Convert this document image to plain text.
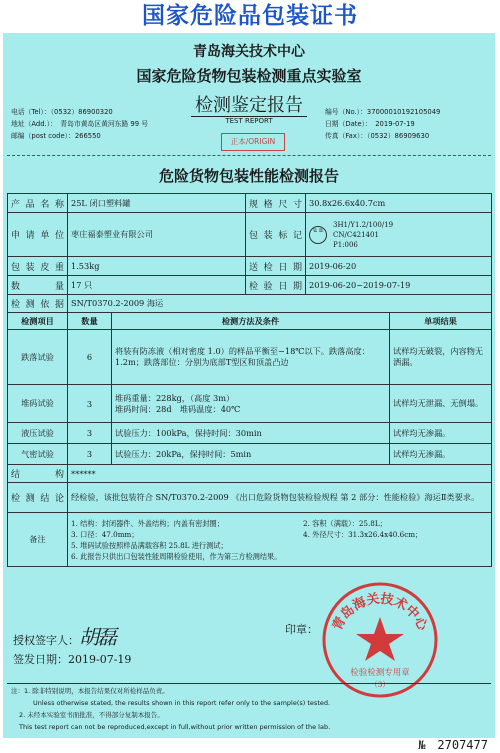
国家危险品包装证书
青岛海关技术中心
国家危险货物包装检测重点实验室
检测鉴定报告
TEST REPORT
正本/ORIGIN
电话（Tel）：（0532）86900320
地址（Add.）：　青岛市黄岛区黄河东路 99 号
邮编（post code）：266550
编号（No.）：37000010192105049
日期（Date）：　2019-07-19
传真（Fax）：（0532）86909630
危险货物包装性能检测报告
产品名称	25L 闭口塑料罐		规格尺寸	30.8x26.6x40.7cm	
申请单位	枣庄福泰塑业有限公司		包装标记	u n3H1/Y1.2/100/19
CN/C421401
P1:006	
包装皮重	1.53kg		送检日期	2019-06-20	
数　　量	17 只		检验日期	2019-06-20~2019-07-19	
检测依据	SN/T0370.2-2009 海运				
检测项目	数量	检测方法及条件			单项结果
跌落试验	6	将装有防冻液（相对密度 1.0）的样品平衡至−18℃以下。跌落高度：1.2m；跌落部位：分别为底部T型区和顶盖凸边			试样均无破裂，内容物无洒漏。
堆码试验	3	堆码重量：228kg，（高度 3m）
堆码时间：28d　堆码温度：40℃			试样均无泄漏、无倒塌。
液压试验	3	试验压力：100kPa，保持时间：30min			试样均无渗漏。
气密试验	3	试验压力：20kPa，保持时间：5min			试样均无渗漏。
结　　构	******				
检测结论	经检验，该批包装符合 SN/T0370.2-2009 《出口危险货物包装检验规程 第 2 部分：性能检验》海运Ⅱ类要求。				
备注	1. 结构：封闭器件、外盖结构；内盖有密封圈； 2. 容积（满载）：25.8L；
3. 口径：47.0mm； 4. 外径尺寸：31.3x26.4x40.6cm；
5. 堆码试验按照样品满载容积 25.8L 进行测试；
6. 此报告只供出口包装性能周期检验使用，作为第三方检测结果。				
授权签字人：胡磊	印章：
签发日期：2019-07-19
青岛海关技术中心
检验检测专用章
（3）
注：1. 除非特别说明，本报告结果仅对所检样品负责。
Unless otherwise stated, the results shown in this report refer only to the sample(s) tested.
2. 未经本实验室书面批准，不得部分复制本报告。
This test report can not be reproduced,except in full,without prior written permission of the lab.
№　2707477
